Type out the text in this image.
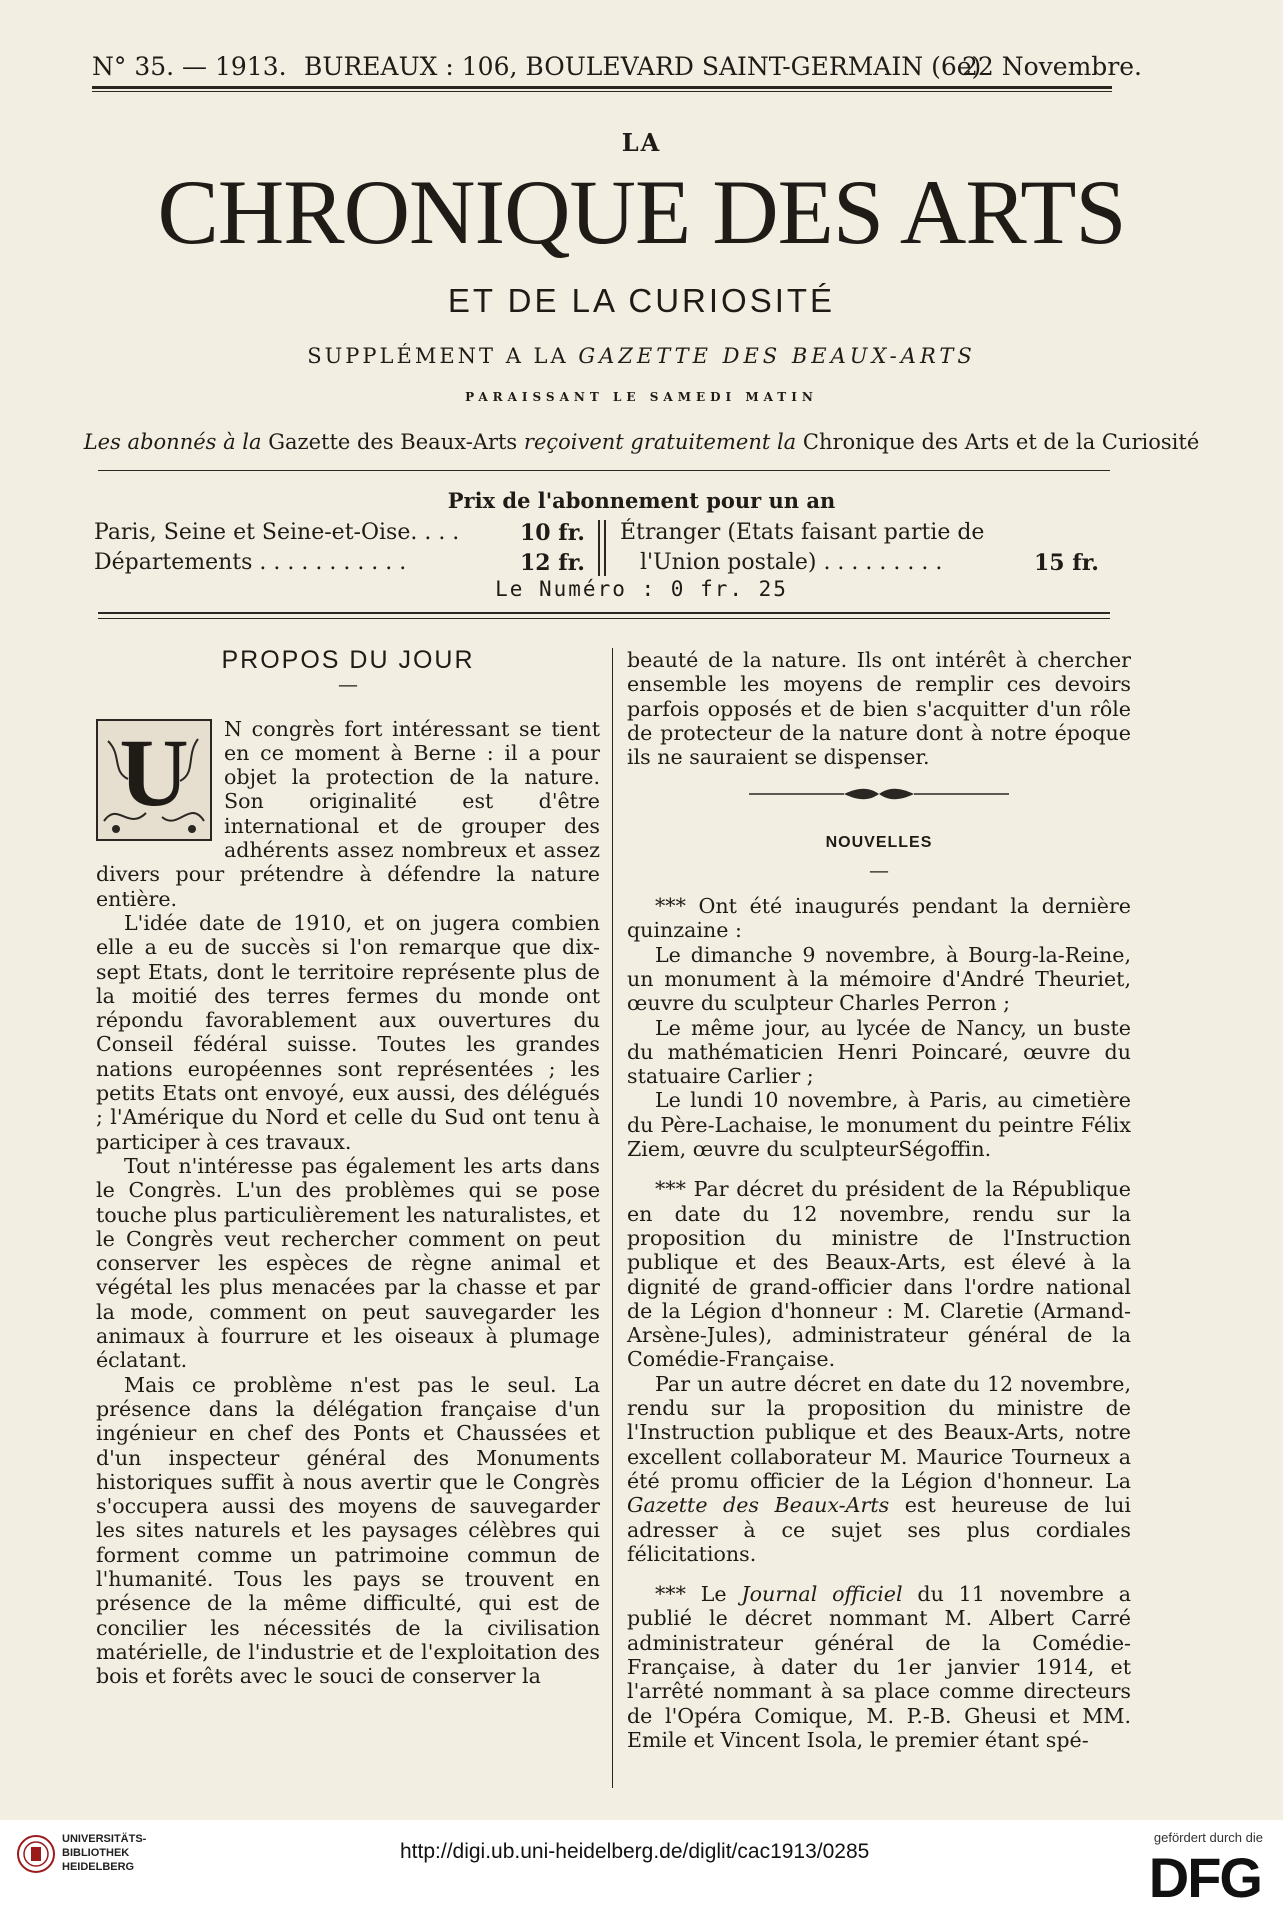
N° 35. — 1913. BUREAUX : 106, BOULEVARD SAINT-GERMAIN (6e)
22 Novembre.
LA
CHRONIQUE DES ARTS
ET DE LA CURIOSITÉ
SUPPLÉMENT A LA GAZETTE DES BEAUX-ARTS
PARAISSANT LE SAMEDI MATIN
Les abonnés à la Gazette des Beaux-Arts reçoivent gratuitement la Chronique des Arts et de la Curiosité
Prix de l'abonnement pour un an
Paris, Seine et Seine-et-Oise. . . .	10 fr.
Départements . . . . . . . . . . .	12 fr.
Étranger (Etats faisant partie de
l'Union postale) . . . . . . . . .	15 fr.
Le Numéro : 0 fr. 25

PROPOS DU JOUR

—
U	N congrès fort intéressant se tient en ce moment à Berne : il a pour objet la protection de la nature. Son originalité est d'être international et de grouper des adhérents assez nombreux et assez divers pour prétendre à défendre la nature entière.

L'idée date de 1910, et on jugera combien elle a eu de succès si l'on remarque que dix-sept Etats, dont le territoire représente plus de la moitié des terres fermes du monde ont répondu favorablement aux ouvertures du Conseil fédéral suisse. Toutes les grandes nations européennes sont représentées ; les petits Etats ont envoyé, eux aussi, des délégués ; l'Amérique du Nord et celle du Sud ont tenu à participer à ces travaux.

Tout n'intéresse pas également les arts dans le Congrès. L'un des problèmes qui se pose touche plus particulièrement les naturalistes, et le Congrès veut rechercher comment on peut conserver les espèces de règne animal et végétal les plus menacées par la chasse et par la mode, comment on peut sauvegarder les animaux à fourrure et les oiseaux à plumage éclatant.

Mais ce problème n'est pas le seul. La présence dans la délégation française d'un ingénieur en chef des Ponts et Chaussées et d'un inspecteur général des Monuments historiques suffit à nous avertir que le Congrès s'occupera aussi des moyens de sauvegarder les sites naturels et les paysages célèbres qui forment comme un patrimoine commun de l'humanité. Tous les pays se trouvent en présence de la même difficulté, qui est de concilier les nécessités de la civilisation matérielle, de l'industrie et de l'exploitation des bois et forêts avec le souci de conserver la

beauté de la nature. Ils ont intérêt à chercher ensemble les moyens de remplir ces devoirs parfois opposés et de bien s'acquitter d'un rôle de protecteur de la nature dont à notre époque ils ne sauraient se dispenser.

NOUVELLES
—

*** Ont été inaugurés pendant la dernière quinzaine :

Le dimanche 9 novembre, à Bourg-la-Reine, un monument à la mémoire d'André Theuriet, œuvre du sculpteur Charles Perron ;

Le même jour, au lycée de Nancy, un buste du mathématicien Henri Poincaré, œuvre du statuaire Carlier ;

Le lundi 10 novembre, à Paris, au cimetière du Père-Lachaise, le monument du peintre Félix Ziem, œuvre du sculpteurSégoffin.

*** Par décret du président de la République en date du 12 novembre, rendu sur la proposition du ministre de l'Instruction publique et des Beaux-Arts, est élevé à la dignité de grand-officier dans l'ordre national de la Légion d'honneur : M. Claretie (Armand-Arsène-Jules), administrateur général de la Comédie-Française.

Par un autre décret en date du 12 novembre, rendu sur la proposition du ministre de l'Instruction publique et des Beaux-Arts, notre excellent collaborateur M. Maurice Tourneux a été promu officier de la Légion d'honneur. La Gazette des Beaux-Arts est heureuse de lui adresser à ce sujet ses plus cordiales félicitations.

*** Le Journal officiel du 11 novembre a publié le décret nommant M. Albert Carré administrateur général de la Comédie-Française, à dater du 1er janvier 1914, et l'arrêté nommant à sa place comme directeurs de l'Opéra Comique, M. P.-B. Gheusi et MM. Emile et Vincent Isola, le premier étant spé-

UNIVERSITÄTS-
BIBLIOTHEK
HEIDELBERG
http://digi.ub.uni-heidelberg.de/diglit/cac1913/0285
gefördert durch die
DFG
